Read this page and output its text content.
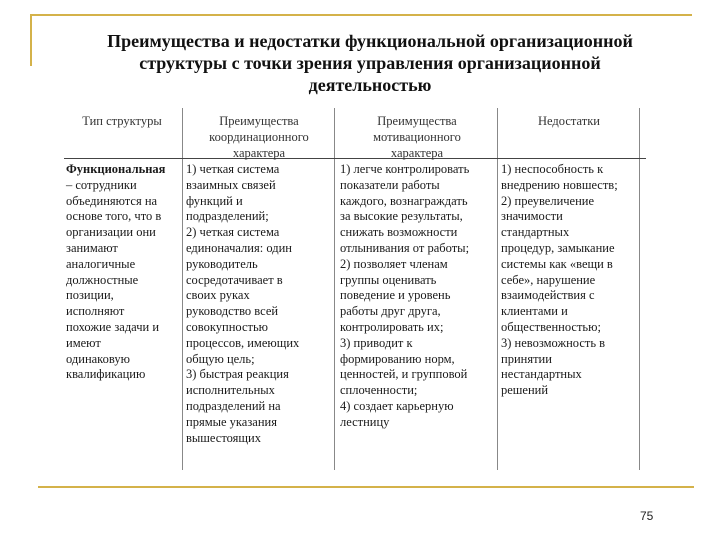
Преимущества и недостатки функциональной организационной
структуры с точки зрения управления организационной
деятельностью
Тип структуры	Преимущества
координационного
характера
Преимущества
мотивационного
характера
Недостатки
Функциональная
– сотрудники
объединяются на
основе того, что в
организации они
занимают
аналогичные
должностные
позиции,
исполняют
похожие задачи и
имеют
одинаковую
квалификацию
1) четкая система
взаимных связей
функций и
подразделений;
2) четкая система
единоначалия: один
руководитель
сосредотачивает в
своих руках
руководство всей
совокупностью
процессов, имеющих
общую цель;
3) быстрая реакция
исполнительных
подразделений на
прямые указания
вышестоящих
1) легче контролировать
показатели работы
каждого, вознаграждать
за высокие результаты,
снижать возможности
отлынивания от работы;
2) позволяет членам
группы оценивать
поведение и уровень
работы друг друга,
контролировать их;
3) приводит к
формированию норм,
ценностей, и групповой
сплоченности;
4) создает карьерную
лестницу
1) неспособность к
внедрению новшеств;
2) преувеличение
значимости
стандартных
процедур, замыкание
системы как «вещи в
себе», нарушение
взаимодействия с
клиентами и
общественностью;
3) невозможность в
принятии
нестандартных
решений
75
